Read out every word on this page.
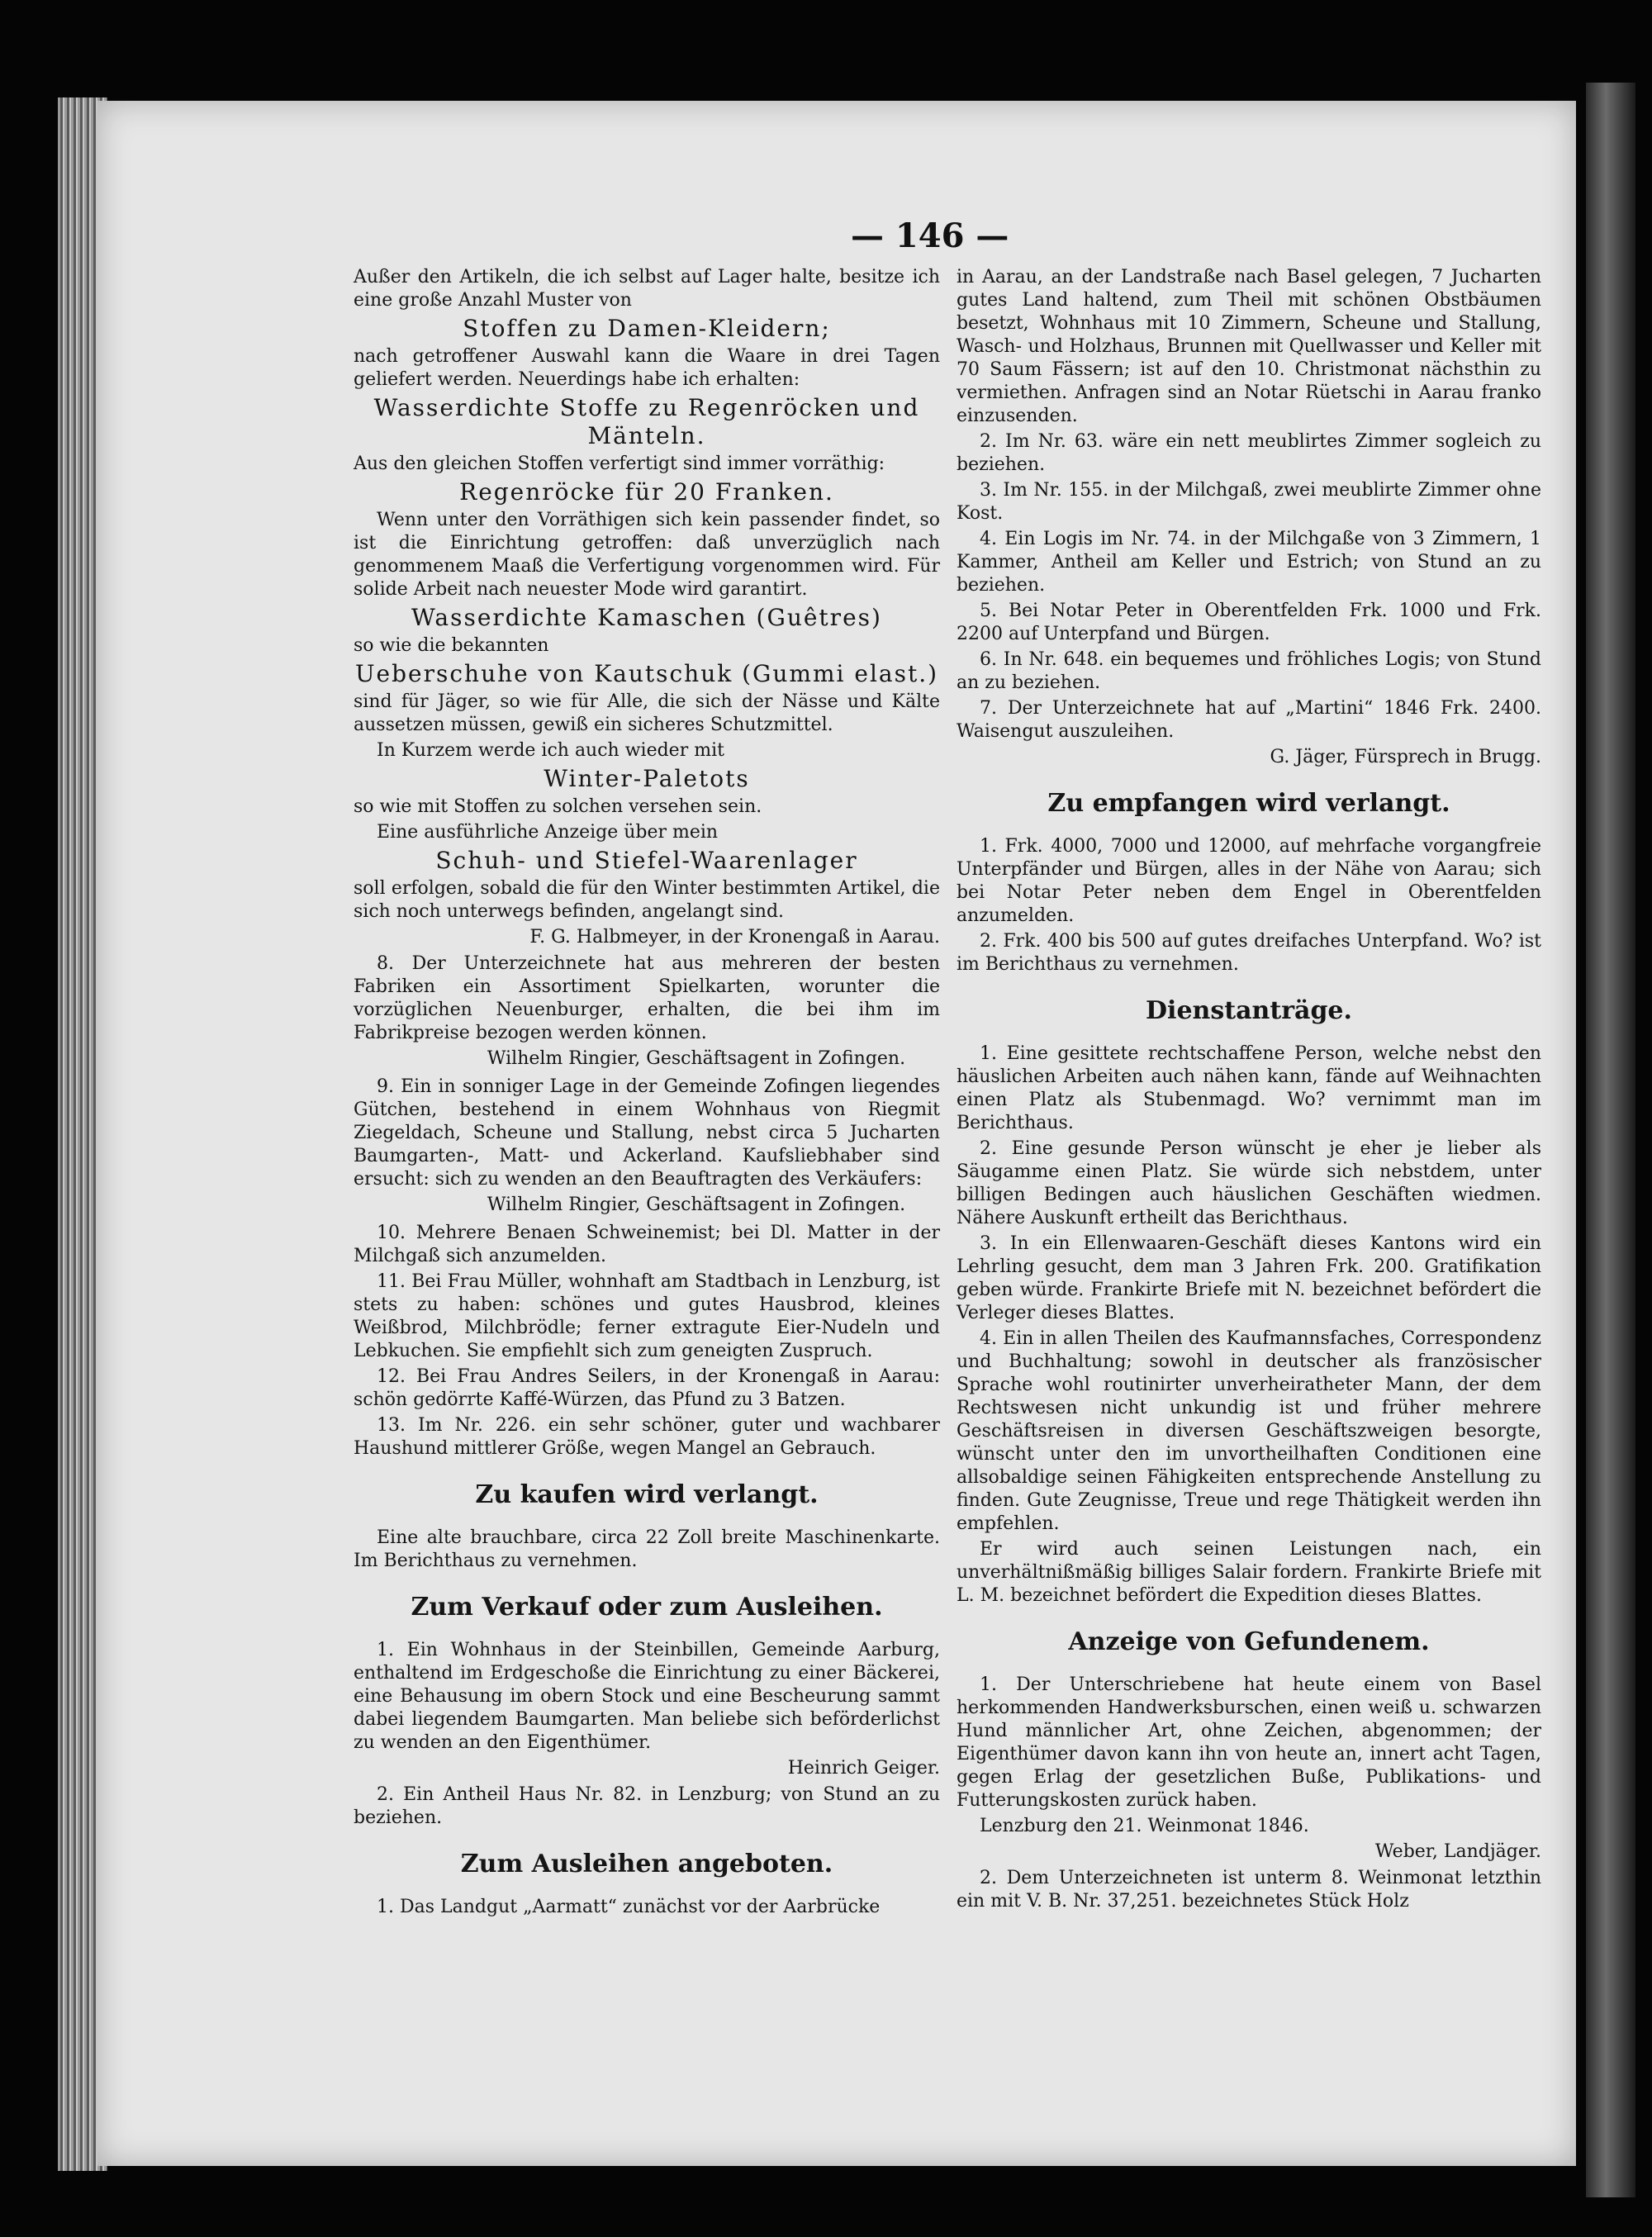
— 146 —

Außer den Artikeln, die ich selbst auf Lager halte, besitze ich eine große Anzahl Muster von

Stoffen zu Damen-Kleidern;

nach getroffener Auswahl kann die Waare in drei Tagen geliefert werden. Neuerdings habe ich erhalten:

Wasserdichte Stoffe zu Regenröcken und Mänteln.

Aus den gleichen Stoffen verfertigt sind immer vorräthig:

Regenröcke für 20 Franken.

Wenn unter den Vorräthigen sich kein passender findet, so ist die Einrichtung getroffen: daß unverzüglich nach genommenem Maaß die Verfertigung vorgenommen wird. Für solide Arbeit nach neuester Mode wird garantirt.

Wasserdichte Kamaschen (Guêtres)

so wie die bekannten

Ueberschuhe von Kautschuk (Gummi elast.)

sind für Jäger, so wie für Alle, die sich der Nässe und Kälte aussetzen müssen, gewiß ein sicheres Schutzmittel.

In Kurzem werde ich auch wieder mit

Winter-Paletots

so wie mit Stoffen zu solchen versehen sein.

Eine ausführliche Anzeige über mein

Schuh- und Stiefel-Waarenlager

soll erfolgen, sobald die für den Winter bestimmten Artikel, die sich noch unterwegs befinden, angelangt sind.

F. G. Halbmeyer, in der Kronengaß in Aarau.

8. Der Unterzeichnete hat aus mehreren der besten Fabriken ein Assortiment Spielkarten, worunter die vorzüglichen Neuenburger, erhalten, die bei ihm im Fabrikpreise bezogen werden können.

Wilhelm Ringier, Geschäftsagent in Zofingen.

9. Ein in sonniger Lage in der Gemeinde Zofingen liegendes Gütchen, bestehend in einem Wohnhaus von Riegmit Ziegeldach, Scheune und Stallung, nebst circa 5 Jucharten Baumgarten-, Matt- und Ackerland. Kaufsliebhaber sind ersucht: sich zu wenden an den Beauftragten des Verkäufers:

Wilhelm Ringier, Geschäftsagent in Zofingen.

10. Mehrere Benaen Schweinemist; bei Dl. Matter in der Milchgaß sich anzumelden.

11. Bei Frau Müller, wohnhaft am Stadtbach in Lenzburg, ist stets zu haben: schönes und gutes Hausbrod, kleines Weißbrod, Milchbrödle; ferner extragute Eier-Nudeln und Lebkuchen. Sie empfiehlt sich zum geneigten Zuspruch.

12. Bei Frau Andres Seilers, in der Kronengaß in Aarau: schön gedörrte Kaffé-Würzen, das Pfund zu 3 Batzen.

13. Im Nr. 226. ein sehr schöner, guter und wachbarer Haushund mittlerer Größe, wegen Mangel an Gebrauch.

Zu kaufen wird verlangt.

Eine alte brauchbare, circa 22 Zoll breite Maschinenkarte. Im Berichthaus zu vernehmen.

Zum Verkauf oder zum Ausleihen.

1. Ein Wohnhaus in der Steinbillen, Gemeinde Aarburg, enthaltend im Erdgeschoße die Einrichtung zu einer Bäckerei, eine Behausung im obern Stock und eine Bescheurung sammt dabei liegendem Baumgarten. Man beliebe sich beförderlichst zu wenden an den Eigenthümer.

Heinrich Geiger.

2. Ein Antheil Haus Nr. 82. in Lenzburg; von Stund an zu beziehen.

Zum Ausleihen angeboten.

1. Das Landgut „Aarmatt“ zunächst vor der Aarbrücke

in Aarau, an der Landstraße nach Basel gelegen, 7 Jucharten gutes Land haltend, zum Theil mit schönen Obstbäumen besetzt, Wohnhaus mit 10 Zimmern, Scheune und Stallung, Wasch- und Holzhaus, Brunnen mit Quellwasser und Keller mit 70 Saum Fässern; ist auf den 10. Christmonat nächsthin zu vermiethen. Anfragen sind an Notar Rüetschi in Aarau franko einzusenden.

2. Im Nr. 63. wäre ein nett meublirtes Zimmer sogleich zu beziehen.

3. Im Nr. 155. in der Milchgaß, zwei meublirte Zimmer ohne Kost.

4. Ein Logis im Nr. 74. in der Milchgaße von 3 Zimmern, 1 Kammer, Antheil am Keller und Estrich; von Stund an zu beziehen.

5. Bei Notar Peter in Oberentfelden Frk. 1000 und Frk. 2200 auf Unterpfand und Bürgen.

6. In Nr. 648. ein bequemes und fröhliches Logis; von Stund an zu beziehen.

7. Der Unterzeichnete hat auf „Martini“ 1846 Frk. 2400. Waisengut auszuleihen.

G. Jäger, Fürsprech in Brugg.

Zu empfangen wird verlangt.

1. Frk. 4000, 7000 und 12000, auf mehrfache vorgangfreie Unterpfänder und Bürgen, alles in der Nähe von Aarau; sich bei Notar Peter neben dem Engel in Oberentfelden anzumelden.

2. Frk. 400 bis 500 auf gutes dreifaches Unterpfand. Wo? ist im Berichthaus zu vernehmen.

Dienstanträge.

1. Eine gesittete rechtschaffene Person, welche nebst den häuslichen Arbeiten auch nähen kann, fände auf Weihnachten einen Platz als Stubenmagd. Wo? vernimmt man im Berichthaus.

2. Eine gesunde Person wünscht je eher je lieber als Säugamme einen Platz. Sie würde sich nebstdem, unter billigen Bedingen auch häuslichen Geschäften wiedmen. Nähere Auskunft ertheilt das Berichthaus.

3. In ein Ellenwaaren-Geschäft dieses Kantons wird ein Lehrling gesucht, dem man 3 Jahren Frk. 200. Gratifikation geben würde. Frankirte Briefe mit N. bezeichnet befördert die Verleger dieses Blattes.

4. Ein in allen Theilen des Kaufmannsfaches, Correspondenz und Buchhaltung; sowohl in deutscher als französischer Sprache wohl routinirter unverheiratheter Mann, der dem Rechtswesen nicht unkundig ist und früher mehrere Geschäftsreisen in diversen Geschäftszweigen besorgte, wünscht unter den im unvortheilhaften Conditionen eine allsobaldige seinen Fähigkeiten entsprechende Anstellung zu finden. Gute Zeugnisse, Treue und rege Thätigkeit werden ihn empfehlen.

Er wird auch seinen Leistungen nach, ein unverhältnißmäßig billiges Salair fordern. Frankirte Briefe mit L. M. bezeichnet befördert die Expedition dieses Blattes.

Anzeige von Gefundenem.

1. Der Unterschriebene hat heute einem von Basel herkommenden Handwerksburschen, einen weiß u. schwarzen Hund männlicher Art, ohne Zeichen, abgenommen; der Eigenthümer davon kann ihn von heute an, innert acht Tagen, gegen Erlag der gesetzlichen Buße, Publikations- und Futterungskosten zurück haben.

Lenzburg den 21. Weinmonat 1846.

Weber, Landjäger.

2. Dem Unterzeichneten ist unterm 8. Weinmonat letzthin ein mit V. B. Nr. 37,251. bezeichnetes Stück Holz
